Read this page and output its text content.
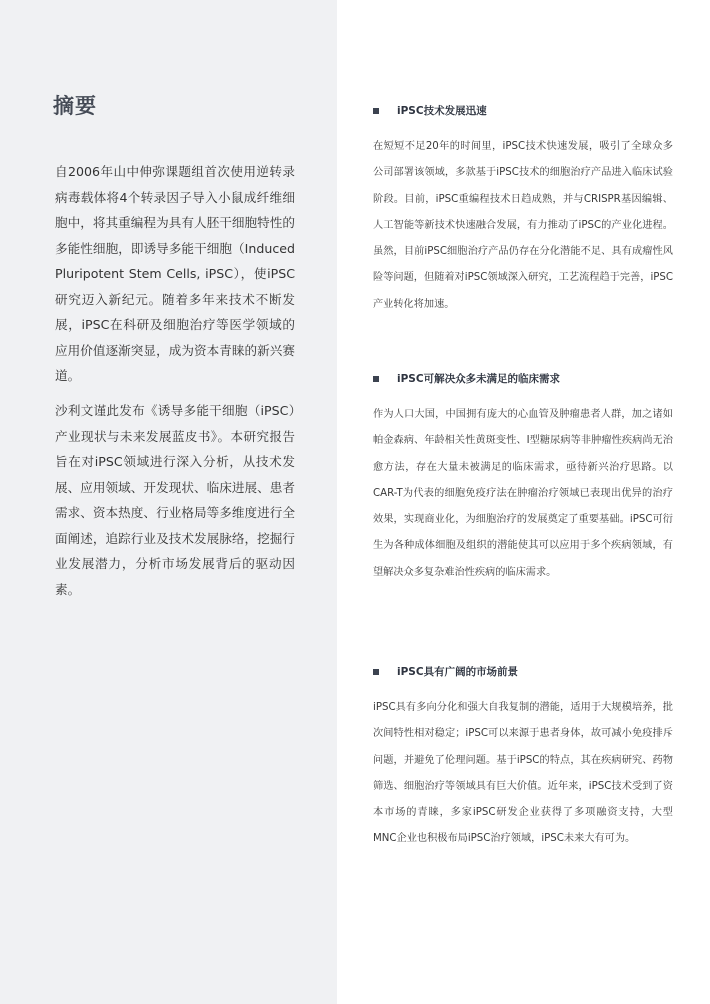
摘要

自2006年山中伸弥课题组首次使用逆转录病毒载体将4个转录因子导入小鼠成纤维细胞中，将其重编程为具有人胚干细胞特性的多能性细胞，即诱导多能干细胞（Induced Pluripotent Stem Cells, iPSC），使iPSC研究迈入新纪元。随着多年来技术不断发展，iPSC在科研及细胞治疗等医学领域的应用价值逐渐突显，成为资本青睐的新兴赛道。

沙利文谨此发布《诱导多能干细胞（iPSC）产业现状与未来发展蓝皮书》。本研究报告旨在对iPSC领域进行深入分析，从技术发展、应用领域、开发现状、临床进展、患者需求、资本热度、行业格局等多维度进行全面阐述，追踪行业及技术发展脉络，挖掘行业发展潜力，分析市场发展背后的驱动因素。

iPSC技术发展迅速

在短短不足20年的时间里，iPSC技术快速发展，吸引了全球众多公司部署该领域，多款基于iPSC技术的细胞治疗产品进入临床试验阶段。目前，iPSC重编程技术日趋成熟，并与CRISPR基因编辑、人工智能等新技术快速融合发展，有力推动了iPSC的产业化进程。虽然，目前iPSC细胞治疗产品仍存在分化潜能不足、具有成瘤性风险等问题，但随着对iPSC领域深入研究，工艺流程趋于完善，iPSC产业转化将加速。

iPSC可解决众多未满足的临床需求

作为人口大国，中国拥有庞大的心血管及肿瘤患者人群，加之诸如帕金森病、年龄相关性黄斑变性、I型糖尿病等非肿瘤性疾病尚无治愈方法，存在大量未被满足的临床需求，亟待新兴治疗思路。以CAR-T为代表的细胞免疫疗法在肿瘤治疗领域已表现出优异的治疗效果，实现商业化，为细胞治疗的发展奠定了重要基础。iPSC可衍生为各种成体细胞及组织的潜能使其可以应用于多个疾病领域，有望解决众多复杂难治性疾病的临床需求。

iPSC具有广阔的市场前景

iPSC具有多向分化和强大自我复制的潜能，适用于大规模培养，批次间特性相对稳定；iPSC可以来源于患者身体，故可减小免疫排斥问题，并避免了伦理问题。基于iPSC的特点，其在疾病研究、药物筛选、细胞治疗等领域具有巨大价值。近年来，iPSC技术受到了资本市场的青睐，多家iPSC研发企业获得了多项融资支持，大型MNC企业也积极布局iPSC治疗领域，iPSC未来大有可为。
